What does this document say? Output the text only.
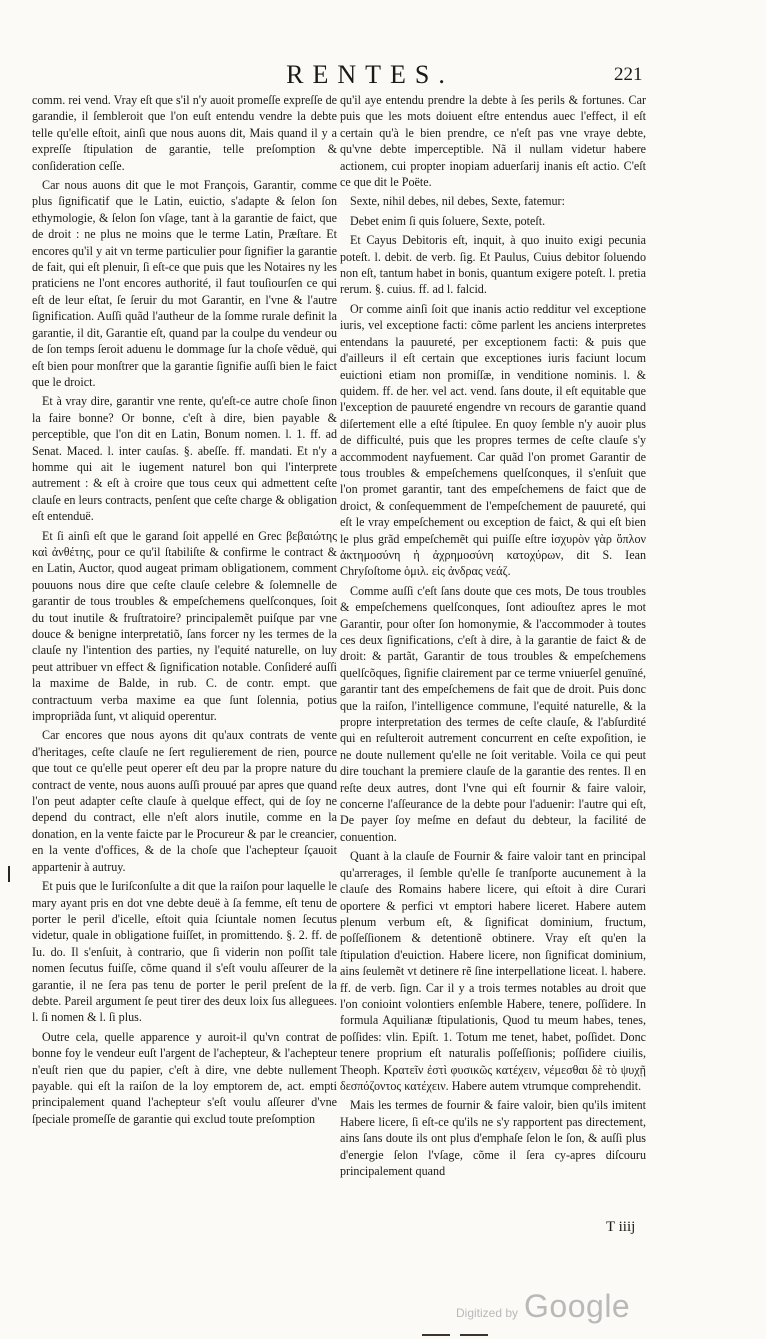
RENTES.	221

comm. rei vend. Vray eſt que s'il n'y auoit promeſſe expreſſe de garandie, il ſembleroit que l'on euſt entendu vendre la debte telle qu'elle eſtoit, ainſi que nous auons dit, Mais quand il y a expreſſe ſtipulation de garantie, telle preſomption & conſideration ceſſe.

Car nous auons dit que le mot François, Garantir, comme plus ſignificatif que le Latin, euictio, s'adapte & ſelon ſon ethymologie, & ſelon ſon vſage, tant à la garantie de faict, que de droit : ne plus ne moins que le terme Latin, Præſtare. Et encores qu'il y ait vn terme particulier pour ſignifier la garantie de fait, qui eſt plenuir, ſi eſt-ce que puis que les Notaires ny les praticiens ne l'ont encores authorité, il faut touſiourſen ce qui eſt de leur eſtat, ſe ſeruir du mot Garantir, en l'vne & l'autre ſignification. Auſſi quãd l'autheur de la ſomme rurale definit la garantie, il dit, Garantie eſt, quand par la coulpe du vendeur ou de ſon temps ſeroit aduenu le dommage ſur la choſe vẽduë, qui eſt bien pour monſtrer que la garantie ſignifie auſſi bien le faict que le droict.

Et à vray dire, garantir vne rente, qu'eſt-ce autre choſe ſinon la faire bonne? Or bonne, c'eſt à dire, bien payable & perceptible, que l'on dit en Latin, Bonum nomen. l. 1. ff. ad Senat. Maced. l. inter cauſas. §. abeſſe. ff. mandati. Et n'y a homme qui ait le iugement naturel bon qui l'interprete autrement : & eſt à croire que tous ceux qui admettent ceſte clauſe en leurs contracts, penſent que ceſte charge & obligation eſt entenduë.

Et ſi ainſi eſt que le garand ſoit appellé en Grec βεβαιώτης καὶ ἀνθέτης, pour ce qu'il ſtabiliſte & confirme le contract & en Latin, Auctor, quod augeat primam obligationem, comment pouuons nous dire que ceſte clauſe celebre & ſolemnelle de garantir de tous troubles & empeſchemens quelſconques, ſoit du tout inutile & fruſtratoire? principalemẽt puiſque par vne douce & benigne interpretatiõ, ſans forcer ny les termes de la clauſe ny l'intention des parties, ny l'equité naturelle, on luy peut attribuer vn effect & ſignification notable. Conſideré auſſi la maxime de Balde, in rub. C. de contr. empt. que contractuum verba maxime ea que ſunt ſolennia, potius impropriãda ſunt, vt aliquid operentur.

Car encores que nous ayons dit qu'aux contrats de vente d'heritages, ceſte clauſe ne ſert regulierement de rien, pource que tout ce qu'elle peut operer eſt deu par la propre nature du contract de vente, nous auons auſſi prouué par apres que quand l'on peut adapter ceſte clauſe à quelque effect, qui de ſoy ne depend du contract, elle n'eſt alors inutile, comme en la donation, en la vente faicte par le Procureur & par le creancier, en la vente d'offices, & de la choſe que l'achepteur ſçauoit appartenir à autruy.

Et puis que le Iuriſconſulte a dit que la raiſon pour laquelle le mary ayant pris en dot vne debte deuë à ſa femme, eſt tenu de porter le peril d'icelle, eſtoit quia ſciuntale nomen ſecutus videtur, quale in obligatione fuiſſet, in promittendo. §. 2. ff. de Iu. do. Il s'enſuit, à contrario, que ſi viderin non poſſit tale nomen ſecutus fuiſſe, cõme quand il s'eſt voulu aſſeurer de la garantie, il ne ſera pas tenu de porter le peril preſent de la debte. Pareil argument ſe peut tirer des deux loix ſus alleguees. l. ſi nomen & l. ſi plus.

Outre cela, quelle apparence y auroit-il qu'vn contrat de bonne foy le vendeur euſt l'argent de l'achepteur, & l'achepteur n'euſt rien que du papier, c'eſt à dire, vne debte nullement payable. qui eſt la raiſon de la loy emptorem de, act. empti principalement quand l'achepteur s'eſt voulu aſſeurer d'vne ſpeciale promeſſe de garantie qui exclud toute preſomption

qu'il aye entendu prendre la debte à ſes perils & fortunes. Car puis que les mots doiuent eſtre entendus auec l'effect, il eſt certain qu'à le bien prendre, ce n'eſt pas vne vraye debte, qu'vne debte imperceptible. Nã il nullam videtur habere actionem, cui propter inopiam aduerſarij inanis eſt actio. C'eſt ce que dit le Poëte.

Sexte, nihil debes, nil debes, Sexte, fatemur:

Debet enim ſi quis ſoluere, Sexte, poteſt.

Et Cayus Debitoris eſt, inquit, à quo inuito exigi pecunia poteſt. l. debit. de verb. ſig. Et Paulus, Cuius debitor ſoluendo non eſt, tantum habet in bonis, quantum exigere poteſt. l. pretia rerum. §. cuius. ff. ad l. falcid.

Or comme ainſi ſoit que inanis actio redditur vel exceptione iuris, vel exceptione facti: cõme parlent les anciens interpretes entendans la pauureté, per exceptionem facti: & puis que d'ailleurs il eſt certain que exceptiones iuris faciunt locum euictioni etiam non promiſſæ, in venditione nominis. l. & quidem. ff. de her. vel act. vend. ſans doute, il eſt equitable que l'exception de pauureté engendre vn recours de garantie quand diſertement elle a eſté ſtipulee. En quoy ſemble n'y auoir plus de difficulté, puis que les propres termes de ceſte clauſe s'y accommodent nayfuement. Car quãd l'on promet Garantir de tous troubles & empeſchemens quelſconques, il s'enſuit que l'on promet garantir, tant des empeſchemens de faict que de droict, & conſequemment de l'empeſchement de pauureté, qui eſt le vray empeſchement ou exception de faict, & qui eſt bien le plus grãd empeſchemẽt qui puiſſe eſtre ἰσχυρὸν γὰρ ὅπλον ἀκτημοσύνη ἡ ἀχρημοσύνη κατοχύρων, dit S. Iean Chryſoſtome ὁμιλ. εἰς ἀνδρας νεάζ.

Comme auſſi c'eſt ſans doute que ces mots, De tous troubles & empeſchemens quelſconques, ſont adiouſtez apres le mot Garantir, pour oſter ſon homonymie, & l'accommoder à toutes ces deux ſignifications, c'eſt à dire, à la garantie de faict & de droit: & partãt, Garantir de tous troubles & empeſchemens quelſcõques, ſignifie clairement par ce terme vniuerſel genuïné, garantir tant des empeſchemens de fait que de droit. Puis donc que la raiſon, l'intelligence commune, l'equité naturelle, & la propre interpretation des termes de ceſte clauſe, & l'abſurdité qui en reſulteroit autrement concurrent en ceſte expoſition, ie ne doute nullement qu'elle ne ſoit veritable. Voila ce qui peut dire touchant la premiere clauſe de la garantie des rentes. Il en reſte deux autres, dont l'vne qui eſt fournir & faire valoir, concerne l'aſſeurance de la debte pour l'aduenir: l'autre qui eſt, De payer ſoy meſme en defaut du debteur, la facilité de conuention.

Quant à la clauſe de Fournir & faire valoir tant en principal qu'arrerages, il ſemble qu'elle ſe tranſporte aucunement à la clauſe des Romains habere licere, qui eſtoit à dire Curari oportere & perfici vt emptori habere liceret. Habere autem plenum verbum eſt, & ſignificat dominium, fructum, poſſeſſionem & detentionẽ obtinere. Vray eſt qu'en la ſtipulation d'euiction. Habere licere, non ſignificat dominium, ains ſeulemẽt vt detinere rẽ ſine interpellatione liceat. l. habere. ff. de verb. ſign. Car il y a trois termes notables au droit que l'on conioint volontiers enſemble Habere, tenere, poſſidere. In formula Aquilianæ ſtipulationis, Quod tu meum habes, tenes, poſſides: vlin. Epiſt. 1. Totum me tenet, habet, poſſidet. Donc tenere proprium eſt naturalis poſſeſſionis; poſſidere ciuilis, Theoph. Κρατεῖν ἐστὶ φυσικῶς κατέχειν, νέμεσθαι δὲ τὸ ψυχῇ δεσπόζοντος κατέχειν. Habere autem vtrumque comprehendit.

Mais les termes de fournir & faire valoir, bien qu'ils imitent Habere licere, ſi eſt-ce qu'ils ne s'y rapportent pas directement, ains ſans doute ils ont plus d'emphaſe ſelon le ſon, & auſſi plus d'energie ſelon l'vſage, cõme il ſera cy-apres diſcouru principalement quand

T iiij
Digitized by Google
